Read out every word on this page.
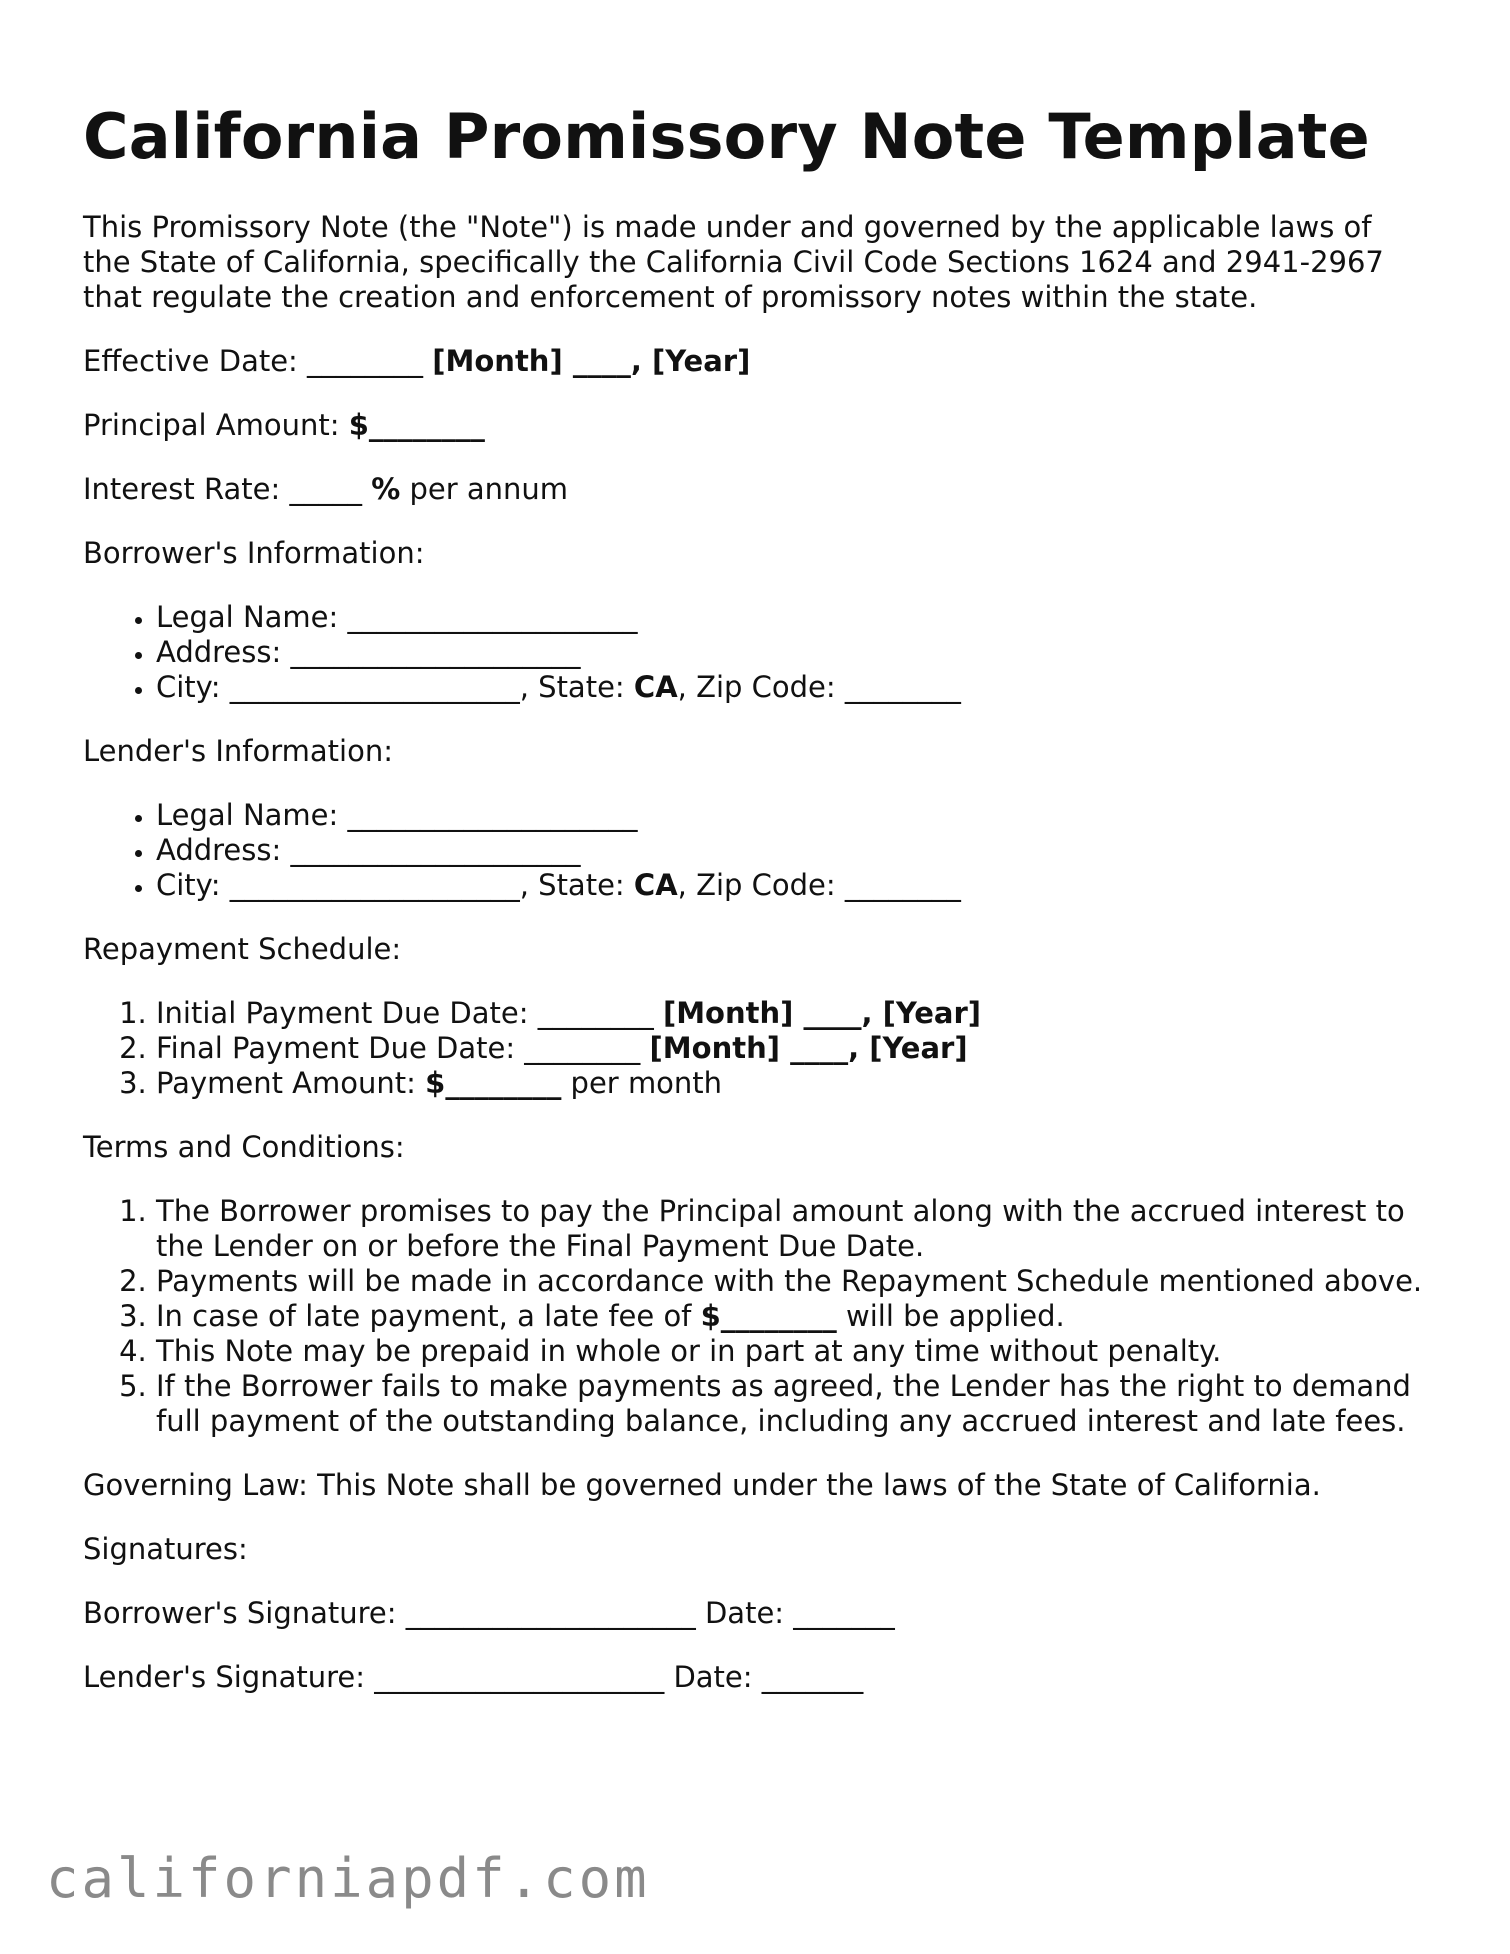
California Promissory Note Template

This Promissory Note (the "Note") is made under and governed by the applicable laws of the State of California, specifically the California Civil Code Sections 1624 and 2941-2967 that regulate the creation and enforcement of promissory notes within the state.

Effective Date: ________ [Month] ____, [Year]

Principal Amount: $________

Interest Rate: _____ % per annum

Borrower's Information:

• Legal Name: ____________________
• Address: ____________________
• City: ____________________, State: CA, Zip Code: ________

Lender's Information:

• Legal Name: ____________________
• Address: ____________________
• City: ____________________, State: CA, Zip Code: ________

Repayment Schedule:

1. Initial Payment Due Date: ________ [Month] ____, [Year]
2. Final Payment Due Date: ________ [Month] ____, [Year]
3. Payment Amount: $________ per month

Terms and Conditions:

1. The Borrower promises to pay the Principal amount along with the accrued interest to the Lender on or before the Final Payment Due Date.
2. Payments will be made in accordance with the Repayment Schedule mentioned above.
3. In case of late payment, a late fee of $________ will be applied.
4. This Note may be prepaid in whole or in part at any time without penalty.
5. If the Borrower fails to make payments as agreed, the Lender has the right to demand full payment of the outstanding balance, including any accrued interest and late fees.

Governing Law: This Note shall be governed under the laws of the State of California.

Signatures:

Borrower's Signature: ____________________ Date: _______

Lender's Signature: ____________________ Date: _______

californiapdf.com
